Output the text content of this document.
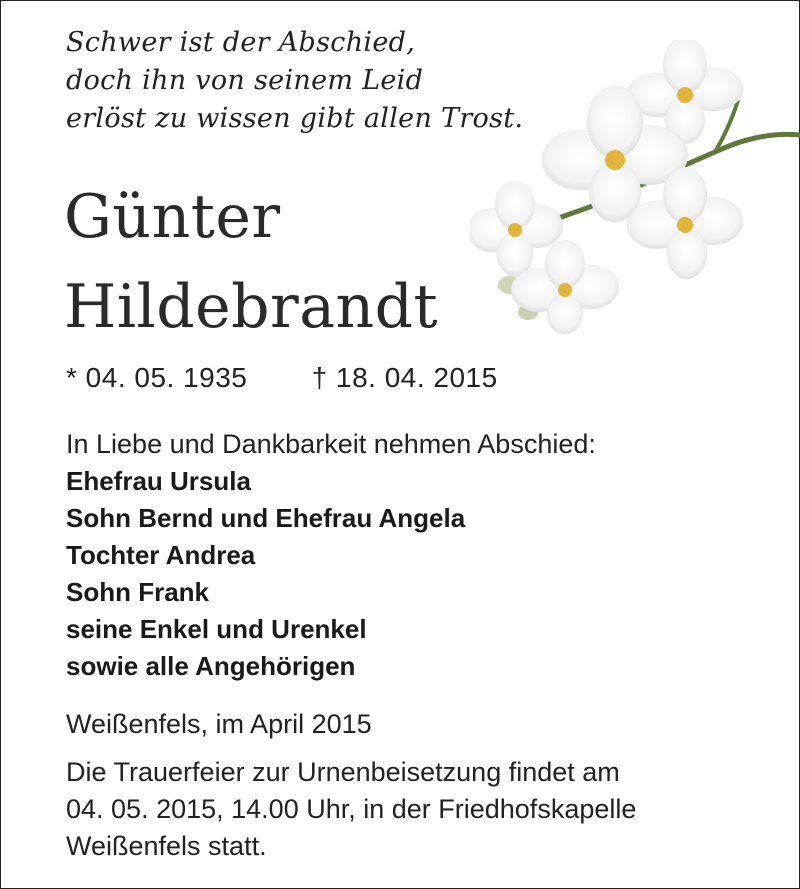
Schwer ist der Abschied,
doch ihn von seinem Leid
erlöst zu wissen gibt allen Trost.
Günter
Hildebrandt
* 04. 05. 1935 † 18. 04. 2015
In Liebe und Dankbarkeit nehmen Abschied:
Ehefrau Ursula
Sohn Bernd und Ehefrau Angela
Tochter Andrea
Sohn Frank
seine Enkel und Urenkel
sowie alle Angehörigen
Weißenfels, im April 2015
Die Trauerfeier zur Urnenbeisetzung findet am
04. 05. 2015, 14.00 Uhr, in der Friedhofskapelle
Weißenfels statt.
